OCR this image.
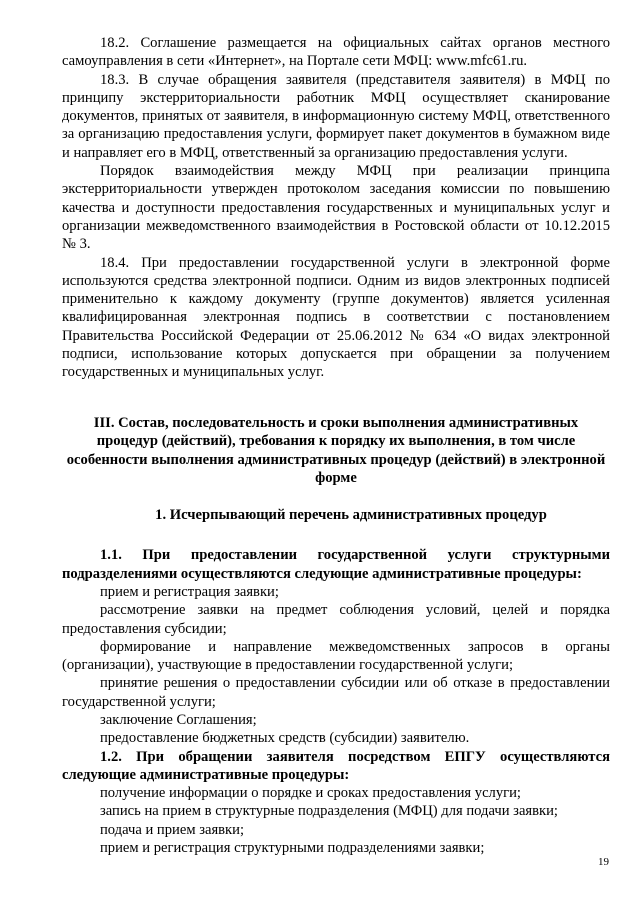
18.2. Соглашение размещается на официальных сайтах органов местного самоуправления в сети «Интернет», на Портале сети МФЦ: www.mfc61.ru.

18.3. В случае обращения заявителя (представителя заявителя) в МФЦ по принципу экстерриториальности работник МФЦ осуществляет сканирование документов, принятых от заявителя, в информационную систему МФЦ, ответственного за организацию предоставления услуги, формирует пакет документов в бумажном виде и направляет его в МФЦ, ответственный за организацию предоставления услуги.

Порядок взаимодействия между МФЦ при реализации принципа экстерриториальности утвержден протоколом заседания комиссии по повышению качества и доступности предоставления государственных и муниципальных услуг и организации межведомственного взаимодействия в Ростовской области от 10.12.2015 № 3.

18.4. При предоставлении государственной услуги в электронной форме используются средства электронной подписи. Одним из видов электронных подписей применительно к каждому документу (группе документов) является усиленная квалифицированная электронная подпись в соответствии с постановлением Правительства Российской Федерации от 25.06.2012 № 634 «О видах электронной подписи, использование которых допускается при обращении за получением государственных и муниципальных услуг.

III. Состав, последовательность и сроки выполнения административных процедур (действий), требования к порядку их выполнения, в том числе особенности выполнения административных процедур (действий) в электронной форме

1. Исчерпывающий перечень административных процедур

1.1. При предоставлении государственной услуги структурными подразделениями осуществляются следующие административные процедуры:

прием и регистрация заявки;

рассмотрение заявки на предмет соблюдения условий, целей и порядка предоставления субсидии;

формирование и направление межведомственных запросов в органы (организации), участвующие в предоставлении государственной услуги;

принятие решения о предоставлении субсидии или об отказе в предоставлении государственной услуги;

заключение Соглашения;

предоставление бюджетных средств (субсидии) заявителю.

1.2. При обращении заявителя посредством ЕПГУ осуществляются следующие административные процедуры:

получение информации о порядке и сроках предоставления услуги;

запись на прием в структурные подразделения (МФЦ) для подачи заявки;

подача и прием заявки;

прием и регистрация структурными подразделениями заявки;

19
